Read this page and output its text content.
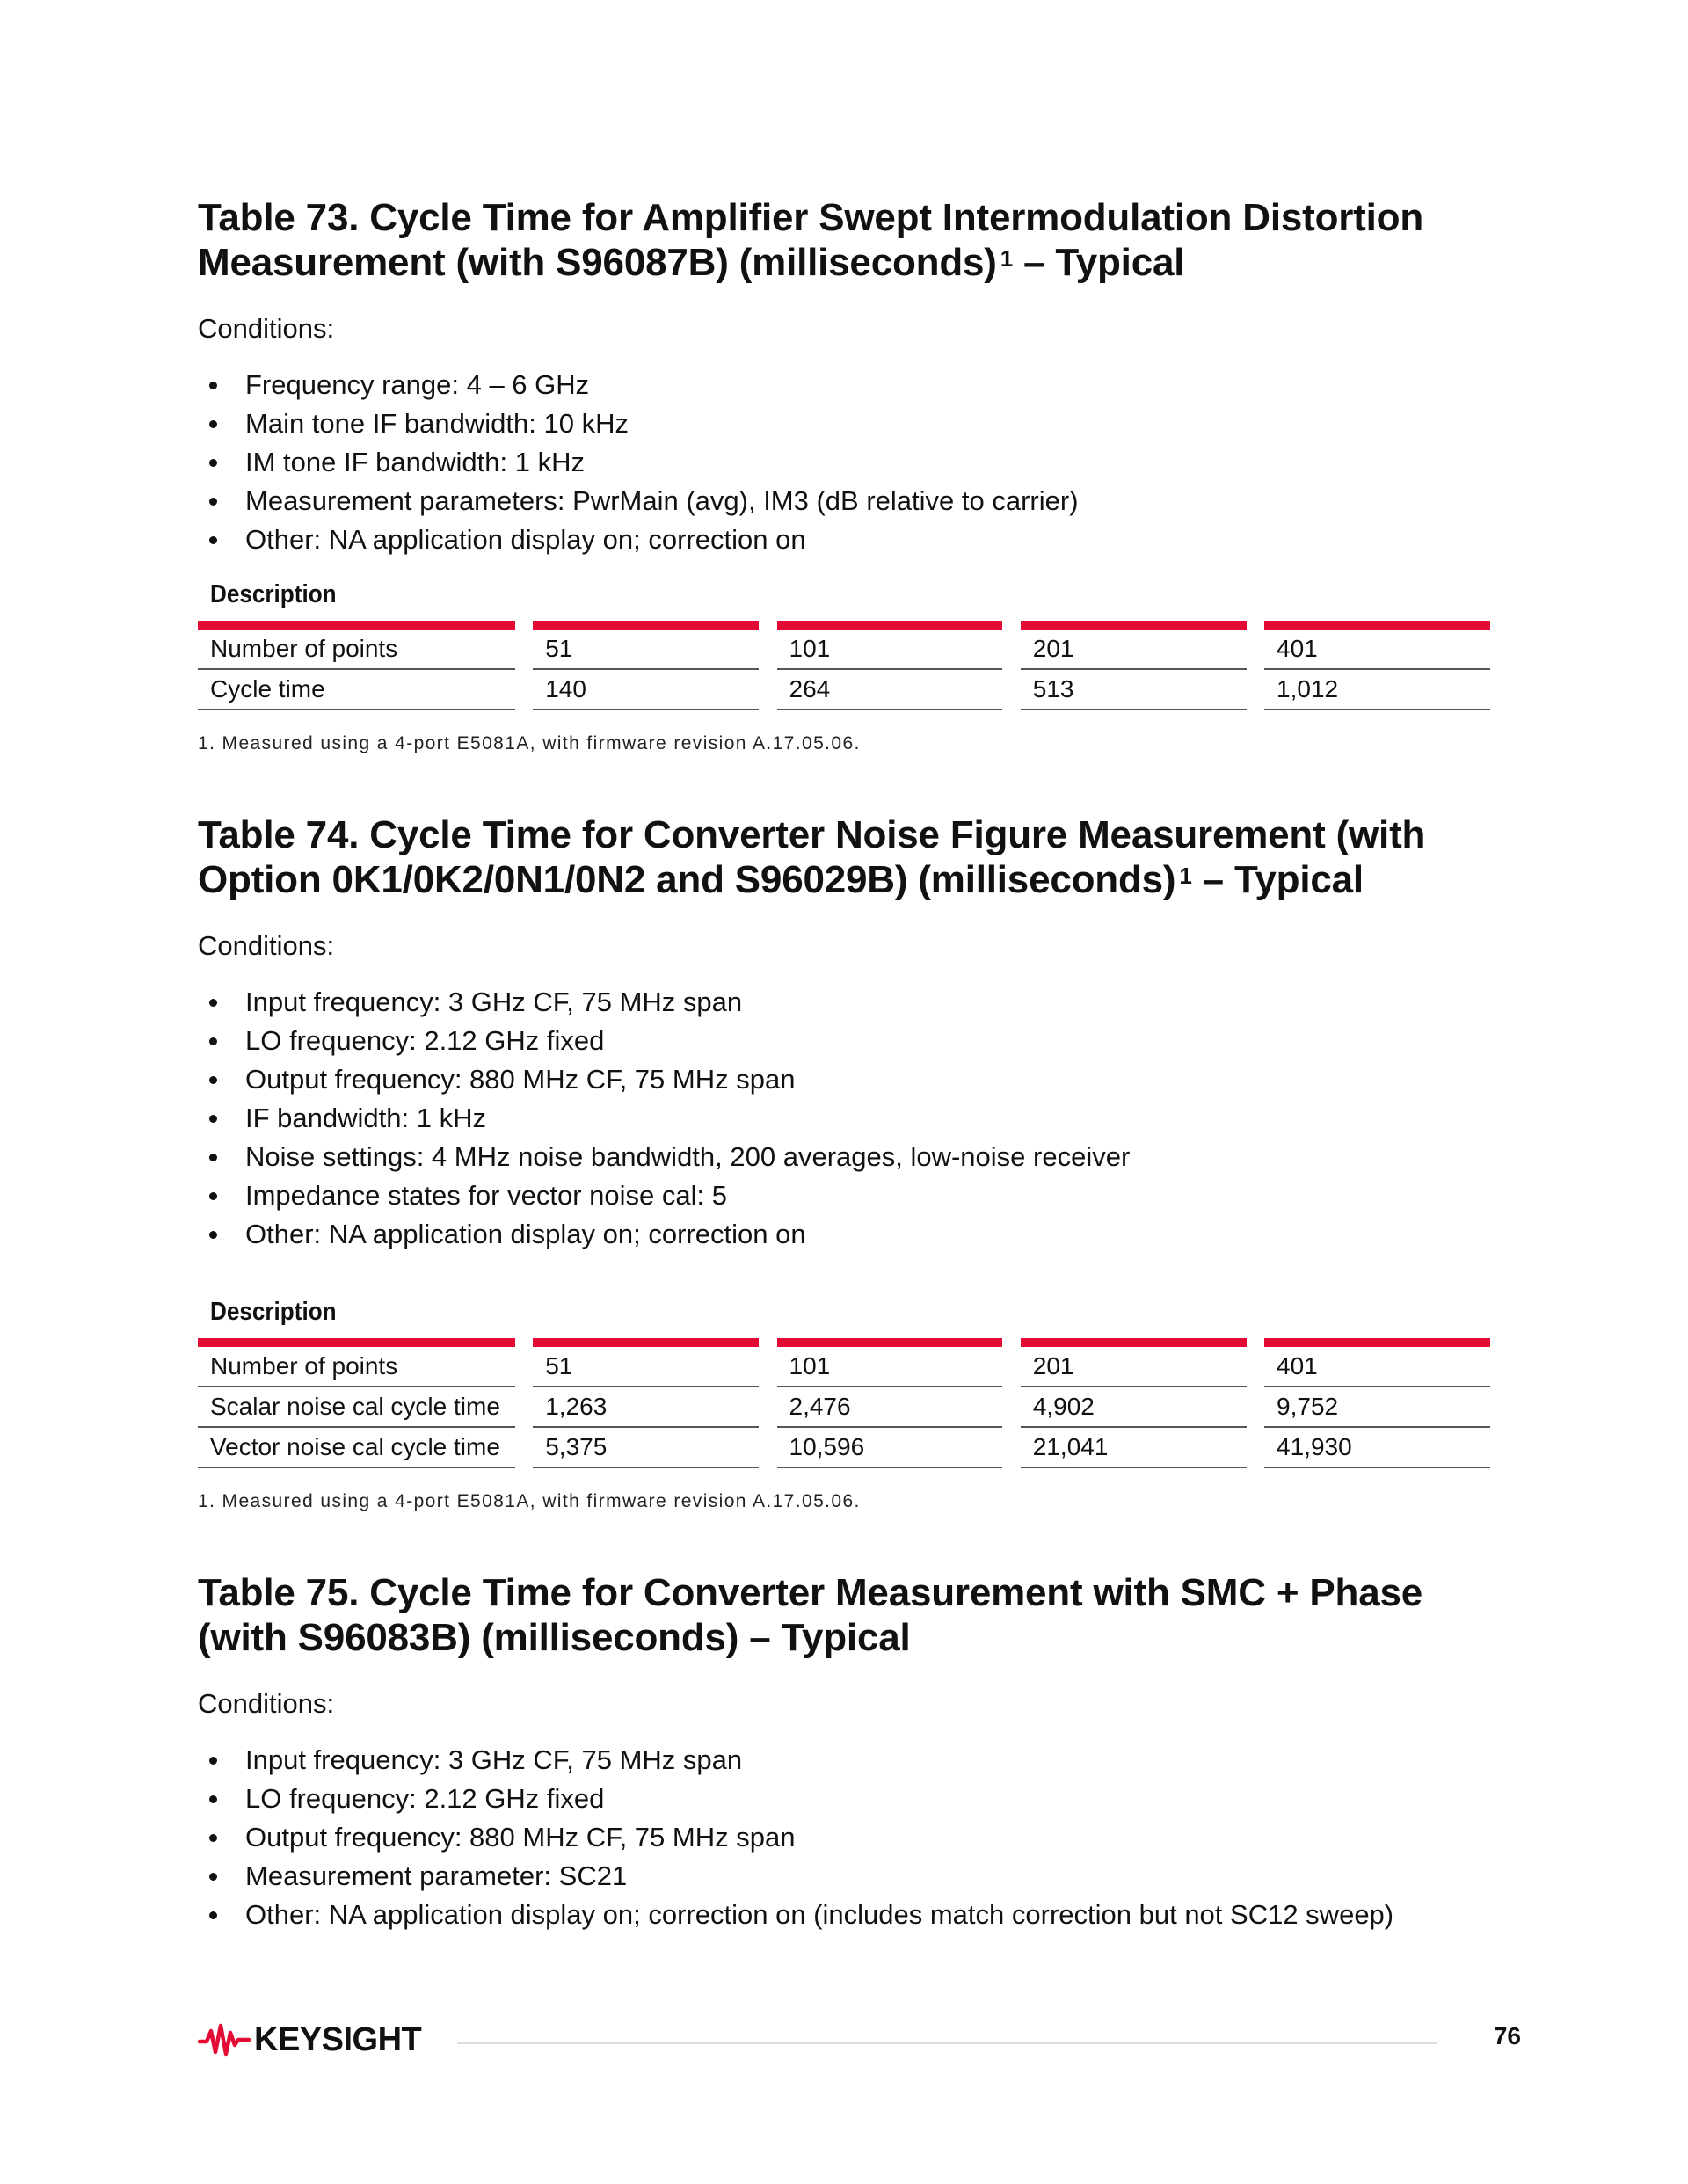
Table 73. Cycle Time for Amplifier Swept Intermodulation Distortion Measurement (with S96087B) (milliseconds) $^1$ – Typical
Conditions:
Frequency range: 4 – 6 GHz
Main tone IF bandwidth: 10 kHz
IM tone IF bandwidth: 1 kHz
Measurement parameters: PwrMain (avg), IM3 (dB relative to carrier)
Other: NA application display on; correction on
Description

Number of points		51		101		201		401
Cycle time		140		264		513		1,012
1. Measured using a 4-port E5081A, with firmware revision A.17.05.06.
Table 74. Cycle Time for Converter Noise Figure Measurement (with Option 0K1/0K2/0N1/0N2 and S96029B) (milliseconds) $^1$ – Typical
Conditions:
Input frequency: 3 GHz CF, 75 MHz span
LO frequency: 2.12 GHz fixed
Output frequency: 880 MHz CF, 75 MHz span
IF bandwidth: 1 kHz
Noise settings: 4 MHz noise bandwidth, 200 averages, low-noise receiver
Impedance states for vector noise cal: 5
Other: NA application display on; correction on
Description

Number of points		51		101		201		401
Scalar noise cal cycle time		1,263		2,476		4,902		9,752
Vector noise cal cycle time		5,375		10,596		21,041		41,930
1. Measured using a 4-port E5081A, with firmware revision A.17.05.06.
Table 75. Cycle Time for Converter Measurement with SMC + Phase (with S96083B) (milliseconds) – Typical
Conditions:
Input frequency: 3 GHz CF, 75 MHz span
LO frequency: 2.12 GHz fixed
Output frequency: 880 MHz CF, 75 MHz span
Measurement parameter: SC21
Other: NA application display on; correction on (includes match correction but not SC12 sweep)
KEYSIGHT	76
